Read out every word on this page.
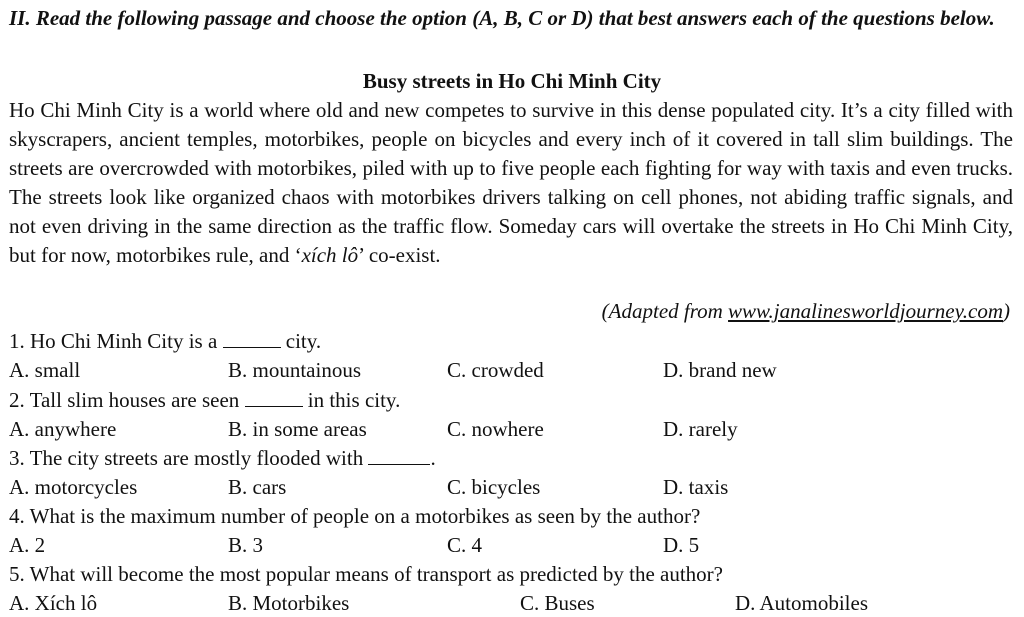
II. Read the following passage and choose the option (A, B, C or D) that best answers each of the questions below.
Busy streets in Ho Chi Minh City

Ho Chi Minh City is a world where old and new competes to survive in this dense populated city. It’s a city filled with skyscrapers, ancient temples, motorbikes, people on bicycles and every inch of it covered in tall slim buildings. The streets are overcrowded with motorbikes, piled with up to five people each fighting for way with taxis and even trucks. The streets look like organized chaos with motorbikes drivers talking on cell phones, not abiding traffic signals, and not even driving in the same direction as the traffic flow. Someday cars will overtake the streets in Ho Chi Minh City, but for now, motorbikes rule, and ‘xích lô’ co-exist.

(Adapted from www.janalinesworldjourney.com)
1. Ho Chi Minh City is a	city.
A. small	B. mountainous	C. crowded	D. brand new
2. Tall slim houses are seen	in this city.
A. anywhere	B. in some areas	C. nowhere	D. rarely
3. The city streets are mostly flooded with	.
A. motorcycles	B. cars	C. bicycles	D. taxis
4. What is the maximum number of people on a motorbikes as seen by the author?
A. 2	B. 3	C. 4	D. 5
5. What will become the most popular means of transport as predicted by the author?
A. Xích lô	B. Motorbikes	C. Buses	D. Automobiles
